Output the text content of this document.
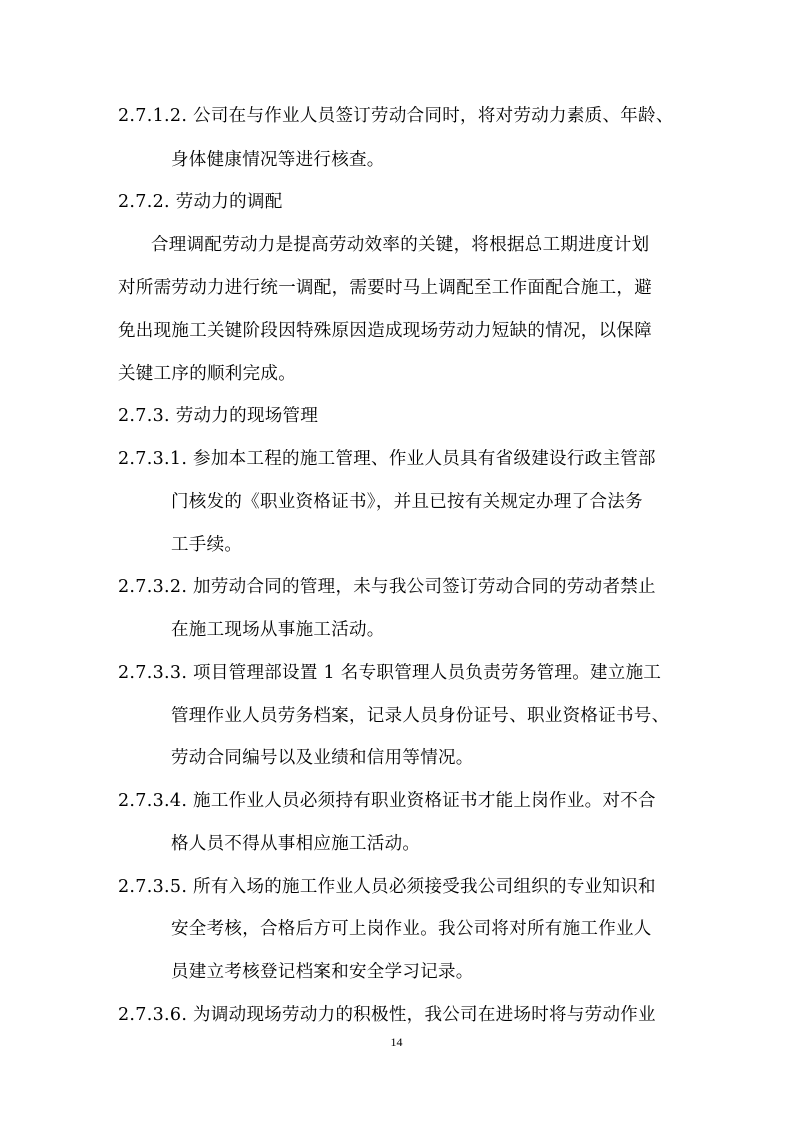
2.7.1.2. 公司在与作业人员签订劳动合同时，将对劳动力素质、年龄、
身体健康情况等进行核查。
2.7.2. 劳动力的调配
合理调配劳动力是提高劳动效率的关键，将根据总工期进度计划
对所需劳动力进行统一调配，需要时马上调配至工作面配合施工，避
免出现施工关键阶段因特殊原因造成现场劳动力短缺的情况，以保障
关键工序的顺利完成。
2.7.3. 劳动力的现场管理
2.7.3.1. 参加本工程的施工管理、作业人员具有省级建设行政主管部
门核发的《职业资格证书》，并且已按有关规定办理了合法务
工手续。
2.7.3.2. 加劳动合同的管理，未与我公司签订劳动合同的劳动者禁止
在施工现场从事施工活动。
2.7.3.3. 项目管理部设置 1 名专职管理人员负责劳务管理。建立施工
管理作业人员劳务档案，记录人员身份证号、职业资格证书号、
劳动合同编号以及业绩和信用等情况。
2.7.3.4. 施工作业人员必须持有职业资格证书才能上岗作业。对不合
格人员不得从事相应施工活动。
2.7.3.5. 所有入场的施工作业人员必须接受我公司组织的专业知识和
安全考核，合格后方可上岗作业。我公司将对所有施工作业人
员建立考核登记档案和安全学习记录。
2.7.3.6. 为调动现场劳动力的积极性，我公司在进场时将与劳动作业
14
